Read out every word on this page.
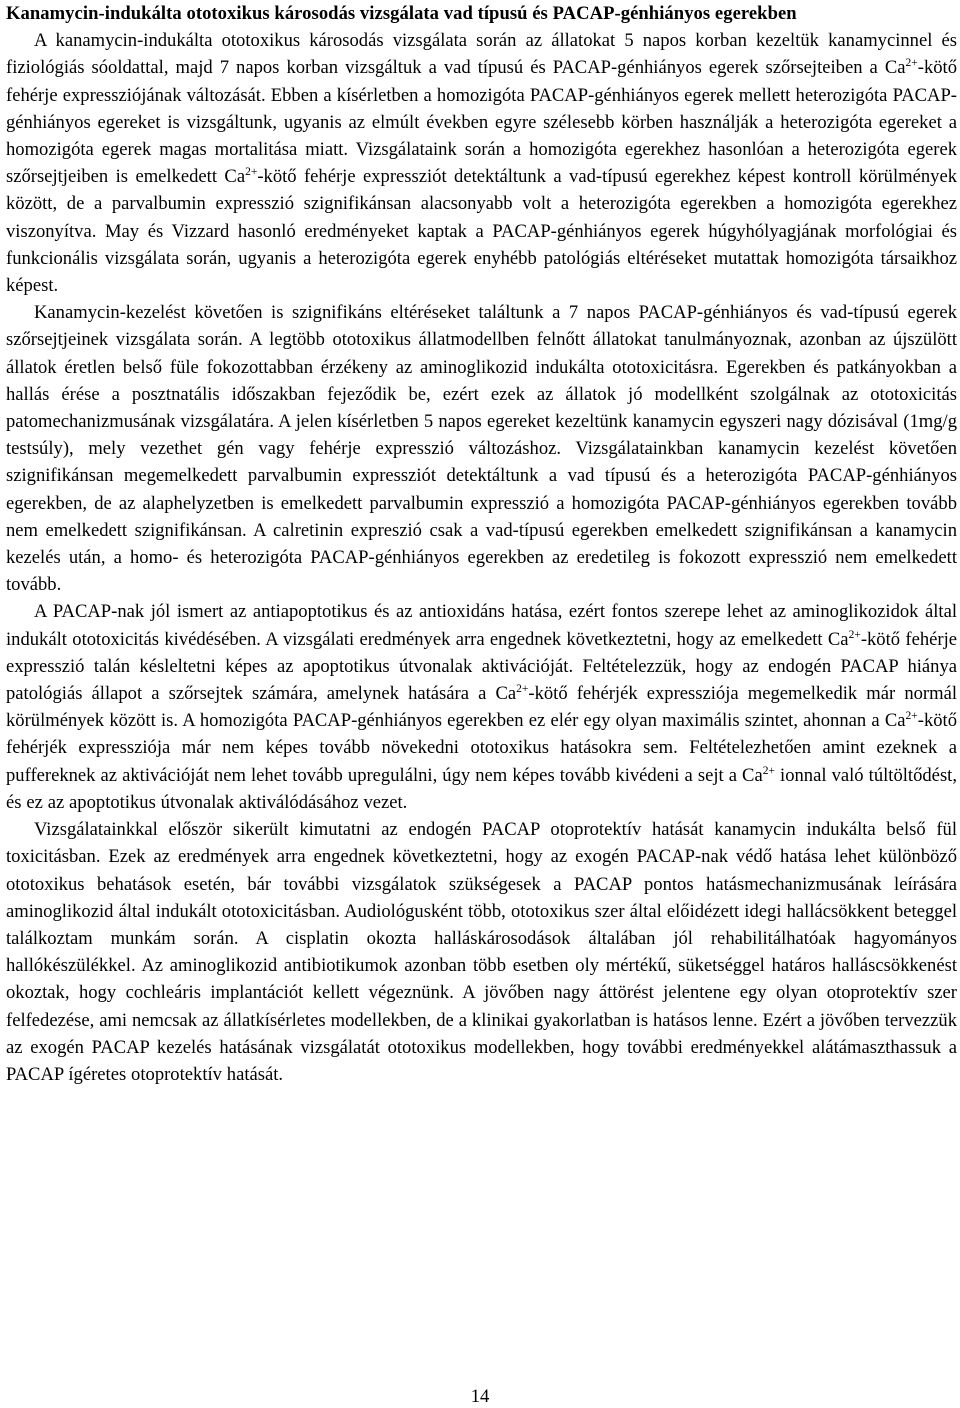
Kanamycin-indukálta ototoxikus károsodás vizsgálata vad típusú és PACAP-génhiányos egerekben

A kanamycin-indukálta ototoxikus károsodás vizsgálata során az állatokat 5 napos korban kezeltük kanamycinnel és fiziológiás sóoldattal, majd 7 napos korban vizsgáltuk a vad típusú és PACAP-génhiányos egerek szőrsejteiben a $Ca^{2+}$-kötő fehérje expressziójának változását. Ebben a kísérletben a homozigóta PACAP-génhiányos egerek mellett heterozigóta PACAP-génhiányos egereket is vizsgáltunk, ugyanis az elmúlt években egyre szélesebb körben használják a heterozigóta egereket a homozigóta egerek magas mortalitása miatt. Vizsgálataink során a homozigóta egerekhez hasonlóan a heterozigóta egerek szőrsejtjeiben is emelkedett $Ca^{2+}$-kötő fehérje expressziót detektáltunk a vad-típusú egerekhez képest kontroll körülmények között, de a parvalbumin expresszió szignifikánsan alacsonyabb volt a heterozigóta egerekben a homozigóta egerekhez viszonyítva. May és Vizzard hasonló eredményeket kaptak a PACAP-génhiányos egerek húgyhólyagjának morfológiai és funkcionális vizsgálata során, ugyanis a heterozigóta egerek enyhébb patológiás eltéréseket mutattak homozigóta társaikhoz képest.

Kanamycin-kezelést követően is szignifikáns eltéréseket találtunk a 7 napos PACAP-génhiányos és vad-típusú egerek szőrsejtjeinek vizsgálata során. A legtöbb ototoxikus állatmodellben felnőtt állatokat tanulmányoznak, azonban az újszülött állatok éretlen belső füle fokozottabban érzékeny az aminoglikozid indukálta ototoxicitásra. Egerekben és patkányokban a hallás érése a posztnatális időszakban fejeződik be, ezért ezek az állatok jó modellként szolgálnak az ototoxicitás patomechanizmusának vizsgálatára. A jelen kísérletben 5 napos egereket kezeltünk kanamycin egyszeri nagy dózisával (1mg/g testsúly), mely vezethet gén vagy fehérje expresszió változáshoz. Vizsgálatainkban kanamycin kezelést követően szignifikánsan megemelkedett parvalbumin expressziót detektáltunk a vad típusú és a heterozigóta PACAP-génhiányos egerekben, de az alaphelyzetben is emelkedett parvalbumin expresszió a homozigóta PACAP-génhiányos egerekben tovább nem emelkedett szignifikánsan. A calretinin expreszió csak a vad-típusú egerekben emelkedett szignifikánsan a kanamycin kezelés után, a homo- és heterozigóta PACAP-génhiányos egerekben az eredetileg is fokozott expresszió nem emelkedett tovább.

A PACAP-nak jól ismert az antiapoptotikus és az antioxidáns hatása, ezért fontos szerepe lehet az aminoglikozidok által indukált ototoxicitás kivédésében. A vizsgálati eredmények arra engednek következtetni, hogy az emelkedett $Ca^{2+}$-kötő fehérje expresszió talán késleltetni képes az apoptotikus útvonalak aktivációját. Feltételezzük, hogy az endogén PACAP hiánya patológiás állapot a szőrsejtek számára, amelynek hatására a $Ca^{2+}$-kötő fehérjék expressziója megemelkedik már normál körülmények között is. A homozigóta PACAP-génhiányos egerekben ez elér egy olyan maximális szintet, ahonnan a $Ca^{2+}$-kötő fehérjék expressziója már nem képes tovább növekedni ototoxikus hatásokra sem. Feltételezhetően amint ezeknek a puffereknek az aktivációját nem lehet tovább upregulálni, úgy nem képes tovább kivédeni a sejt a $Ca^{2+}$ ionnal való túltöltődést, és ez az apoptotikus útvonalak aktiválódásához vezet.

Vizsgálatainkkal először sikerült kimutatni az endogén PACAP otoprotektív hatását kanamycin indukálta belső fül toxicitásban. Ezek az eredmények arra engednek következtetni, hogy az exogén PACAP-nak védő hatása lehet különböző ototoxikus behatások esetén, bár további vizsgálatok szükségesek a PACAP pontos hatásmechanizmusának leírására aminoglikozid által indukált ototoxicitásban. Audiológusként több, ototoxikus szer által előidézett idegi hallácsökkent beteggel találkoztam munkám során. A cisplatin okozta halláskárosodások általában jól rehabilitálhatóak hagyományos hallókészülékkel. Az aminoglikozid antibiotikumok azonban több esetben oly mértékű, süketséggel határos halláscsökkenést okoztak, hogy cochleáris implantációt kellett végeznünk. A jövőben nagy áttörést jelentene egy olyan otoprotektív szer felfedezése, ami nemcsak az állatkísérletes modellekben, de a klinikai gyakorlatban is hatásos lenne. Ezért a jövőben tervezzük az exogén PACAP kezelés hatásának vizsgálatát ototoxikus modellekben, hogy további eredményekkel alátámaszthassuk a PACAP ígéretes otoprotektív hatását.

14
